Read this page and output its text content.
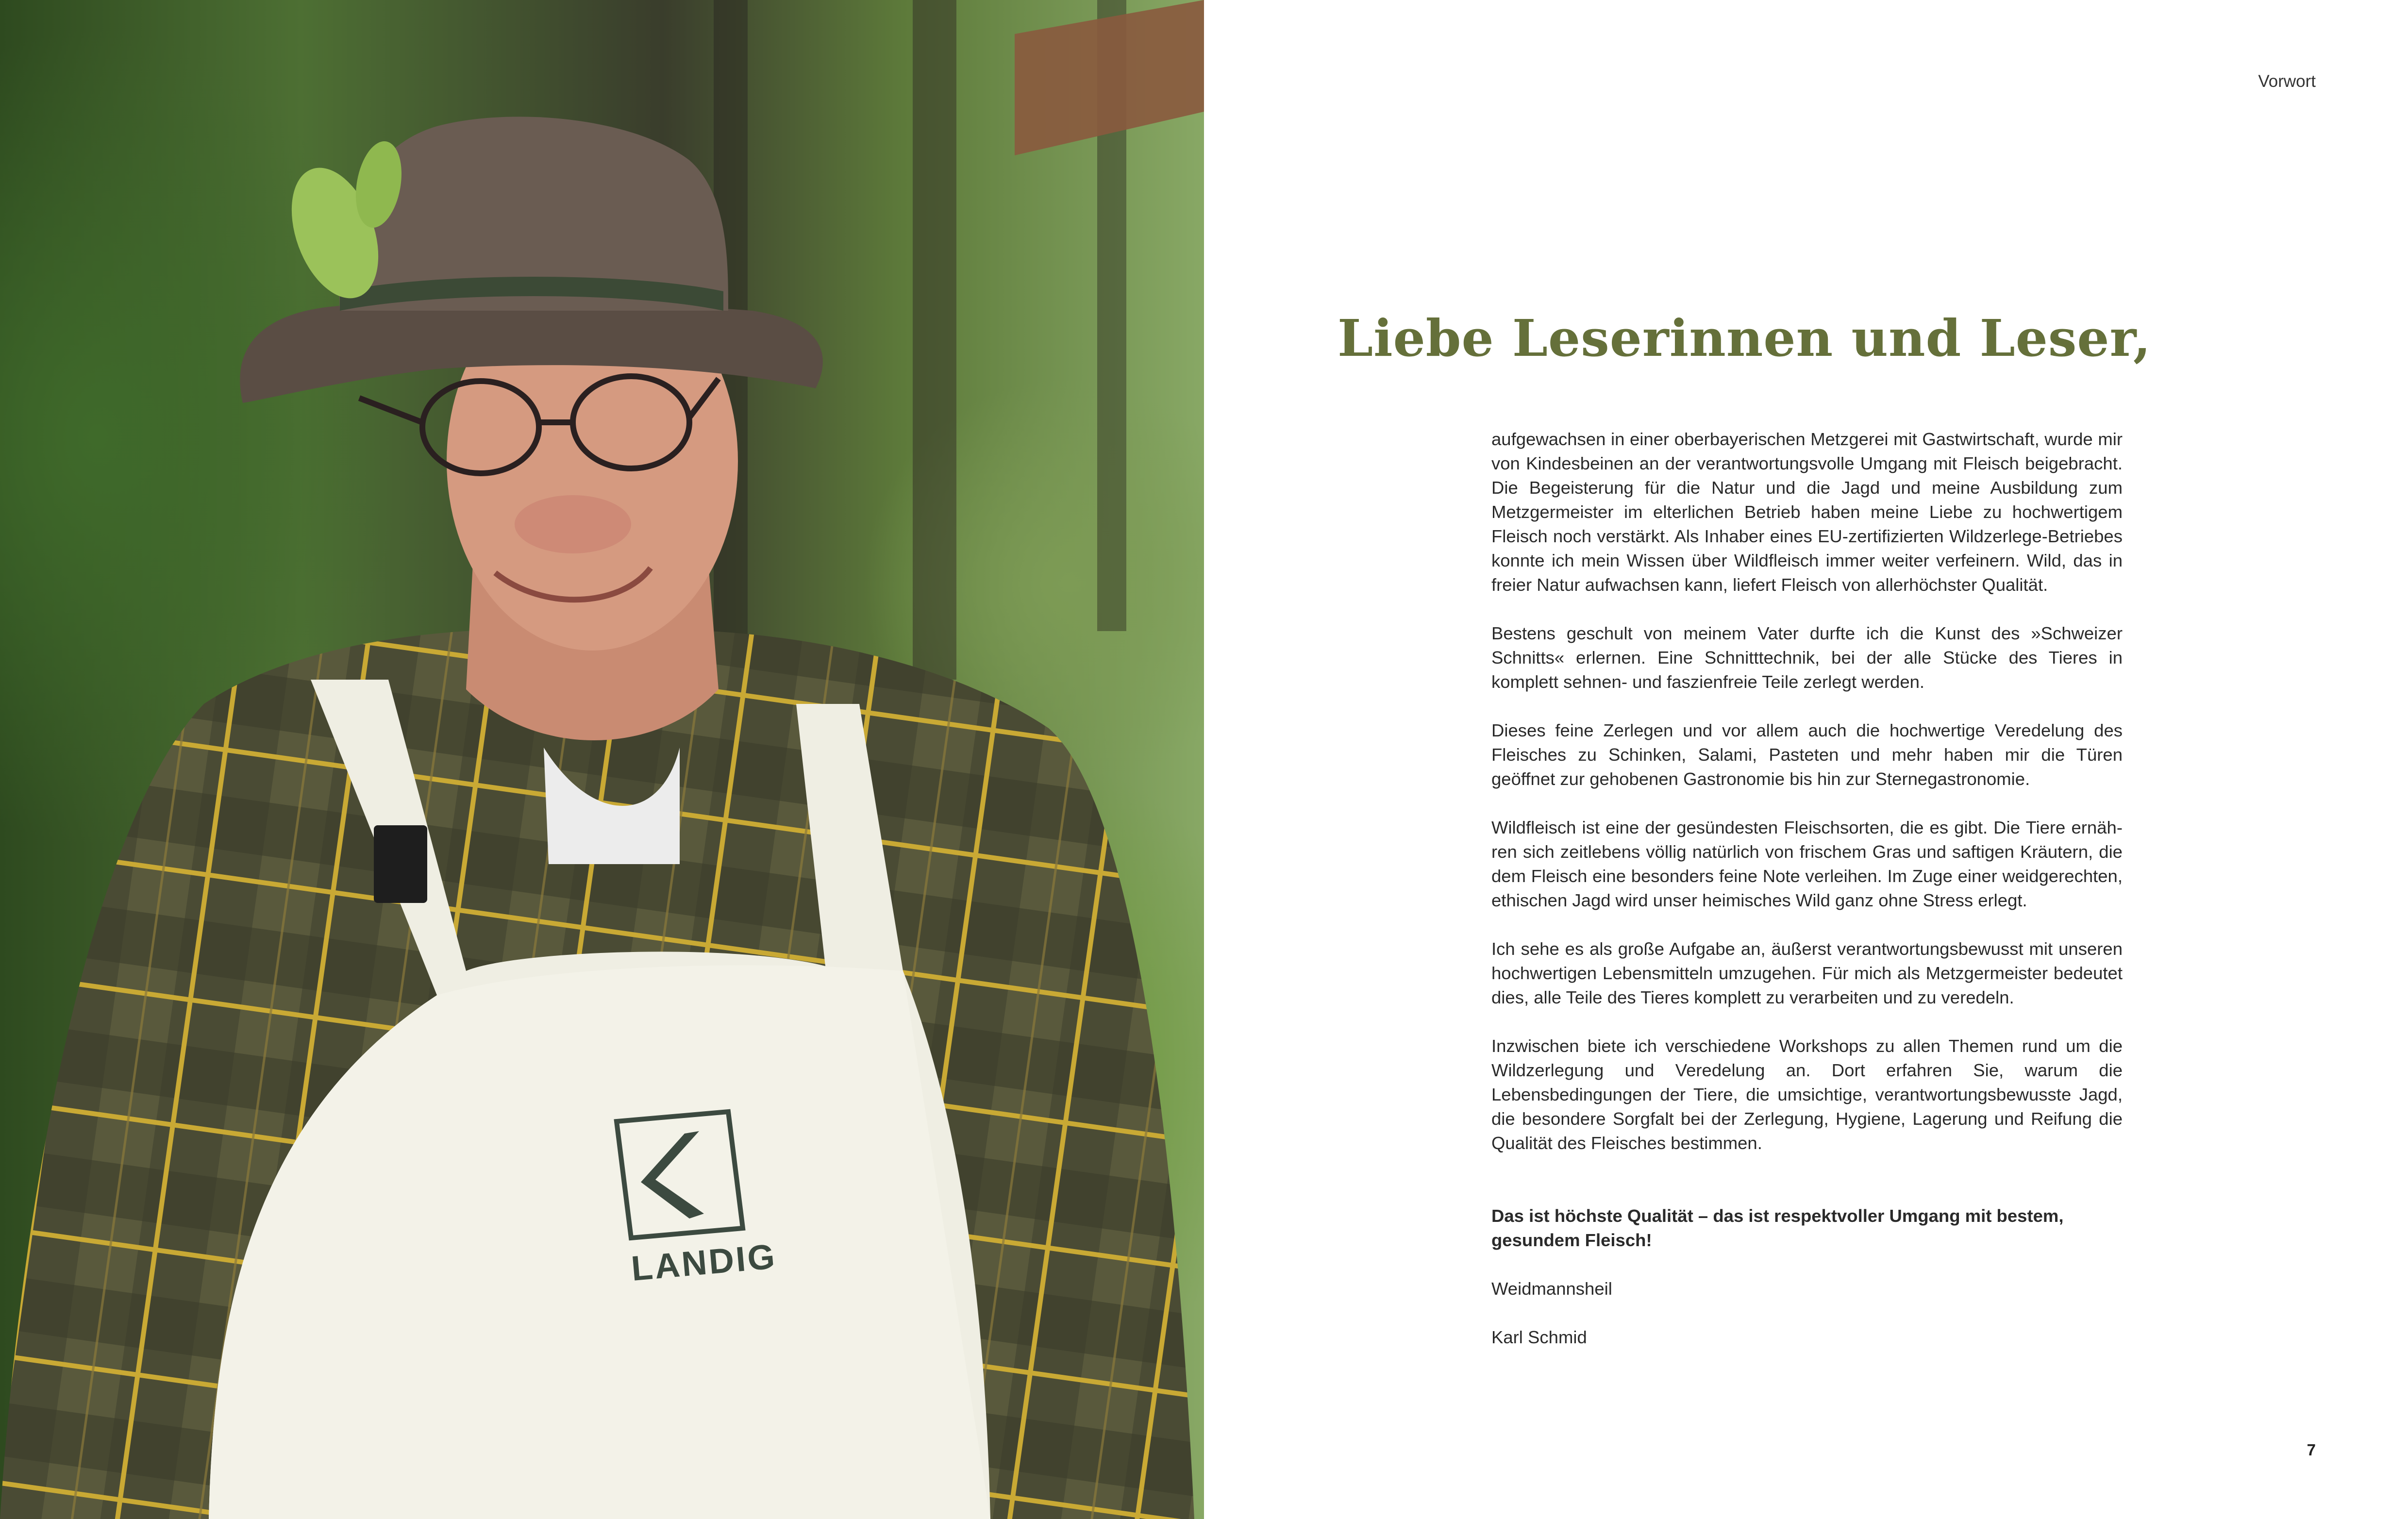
LANDIG
Vorwort
Liebe Leserinnen und Leser,

aufgewachsen in einer oberbayerischen Metzgerei mit Gastwirtschaft, wurde mir von Kindesbeinen an der verantwortungsvolle Umgang mit Fleisch beigebracht. Die Begeisterung für die Natur und die Jagd und meine Ausbildung zum Metzgermeister im elterlichen Betrieb haben meine Liebe zu hochwertigem Fleisch noch verstärkt. Als Inhaber eines EU-zertifizierten Wildzerlege-Betriebes konnte ich mein Wissen über Wildfleisch immer weiter verfeinern. Wild, das in freier Natur aufwachsen kann, liefert Fleisch von allerhöchster Qualität.

Bestens geschult von meinem Vater durfte ich die Kunst des »Schweizer Schnitts« erlernen. Eine Schnitttechnik, bei der alle Stücke des Tieres in komplett sehnen- und faszienfreie Teile zerlegt werden.

Dieses feine Zerlegen und vor allem auch die hochwertige Veredelung des Fleisches zu Schinken, Salami, Pasteten und mehr haben mir die Türen geöffnet zur gehobenen Gastronomie bis hin zur Sternegastronomie.

Wildfleisch ist eine der gesündesten Fleischsorten, die es gibt. Die Tiere ernähren sich zeitlebens völlig natürlich von frischem Gras und saftigen Kräutern, die dem Fleisch eine besonders feine Note verleihen. Im Zuge einer weidgerechten, ethischen Jagd wird unser heimisches Wild ganz ohne Stress erlegt.

Ich sehe es als große Aufgabe an, äußerst verantwortungsbewusst mit unseren hochwertigen Lebensmitteln umzugehen. Für mich als Metzgermeister bedeutet dies, alle Teile des Tieres komplett zu verarbeiten und zu veredeln.

Inzwischen biete ich verschiedene Workshops zu allen Themen rund um die Wildzerlegung und Veredelung an. Dort erfahren Sie, warum die Lebensbedingungen der Tiere, die umsichtige, verantwortungsbewusste Jagd, die besondere Sorgfalt bei der Zerlegung, Hygiene, Lagerung und Reifung die Qualität des Fleisches bestimmen.

Das ist höchste Qualität – das ist respektvoller Umgang mit bestem, gesundem Fleisch!

Weidmannsheil

Karl Schmid

7
